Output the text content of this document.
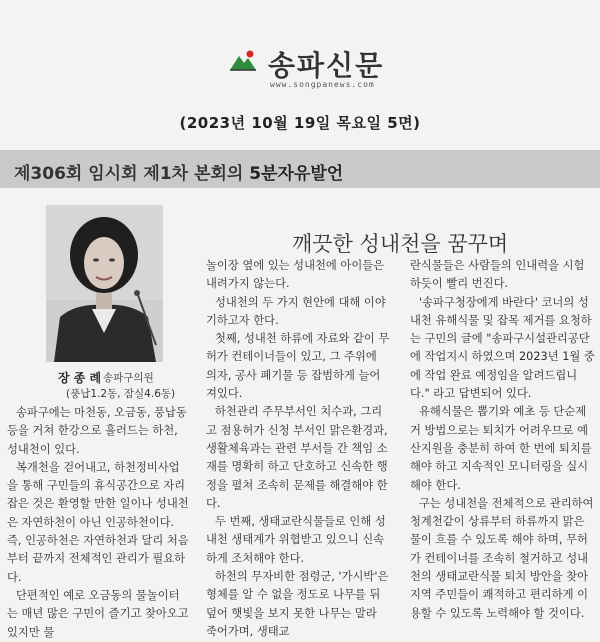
송파신문
www.songpanews.com
(2023년 10월 19일 목요일 5면)
제306회 임시회 제1차 본회의 5분자유발언
장 종 례 송파구의원
(풍납1.2동, 잠실4.6동)
깨끗한 성내천을 꿈꾸며

송파구에는 마천동, 오금동, 풍납동 등을 거쳐 한강으로 흘러드는 하천, 성내천이 있다.

복개천을 걷어내고, 하천정비사업을 통해 구민들의 휴식공간으로 자리 잡은 것은 환영할 만한 일이나 성내천은 자연하천이 아닌 인공하천이다. 즉, 인공하천은 자연하천과 달리 처음부터 끝까지 전체적인 관리가 필요하다.

단편적인 예로 오금동의 물놀이터는 매년 많은 구민이 즐기고 찾아오고 있지만 물

놀이장 옆에 있는 성내천에 아이들은 내려가지 않는다.

성내천의 두 가지 현안에 대해 이야기하고자 한다.

첫째, 성내천 하류에 자료와 같이 무허가 컨테이너들이 있고, 그 주위에 의자, 공사 폐기물 등 잡범하게 늘어져있다.

하천관리 주무부서인 치수과, 그리고 점용허가 신청 부서인 맑은환경과, 생활체육과는 관련 부서들 간 책임 소재를 명확히 하고 단호하고 신속한 행정을 펼쳐 조속히 문제를 해결해야 한다.

두 번째, 생태교란식물들로 인해 성내천 생태계가 위협받고 있으니 신속하게 조처해야 한다.

하천의 무자비한 점령군, '가시박'은 형체를 알 수 없을 정도로 나무를 뒤덮어 햇빛을 보지 못한 나무는 말라 죽어가며, 생태교

란식물들은 사람들의 인내력을 시험하듯이 빨리 번진다.

'송파구청장에게 바란다' 코너의 성내천 유해식물 및 잡목 제거를 요청하는 구민의 글에 "송파구시설관리공단에 작업지시 하였으며 2023년 1월 중에 작업 완료 예정임을 알려드립니다." 라고 답변되어 있다.

유해식물은 뽑기와 예초 등 단순제거 방법으로는 퇴치가 어려우므로 예산지원을 충분히 하여 한 번에 퇴치를 해야 하고 지속적인 모니터링을 실시해야 한다.

구는 성내천을 전체적으로 관리하여 청계천같이 상류부터 하류까지 맑은 물이 흐를 수 있도록 해야 하며, 무허가 컨테이너를 조속히 철거하고 성내천의 생태교란식물 퇴치 방안을 찾아 지역 주민들이 쾌적하고 편리하게 이용할 수 있도록 노력해야 할 것이다.
